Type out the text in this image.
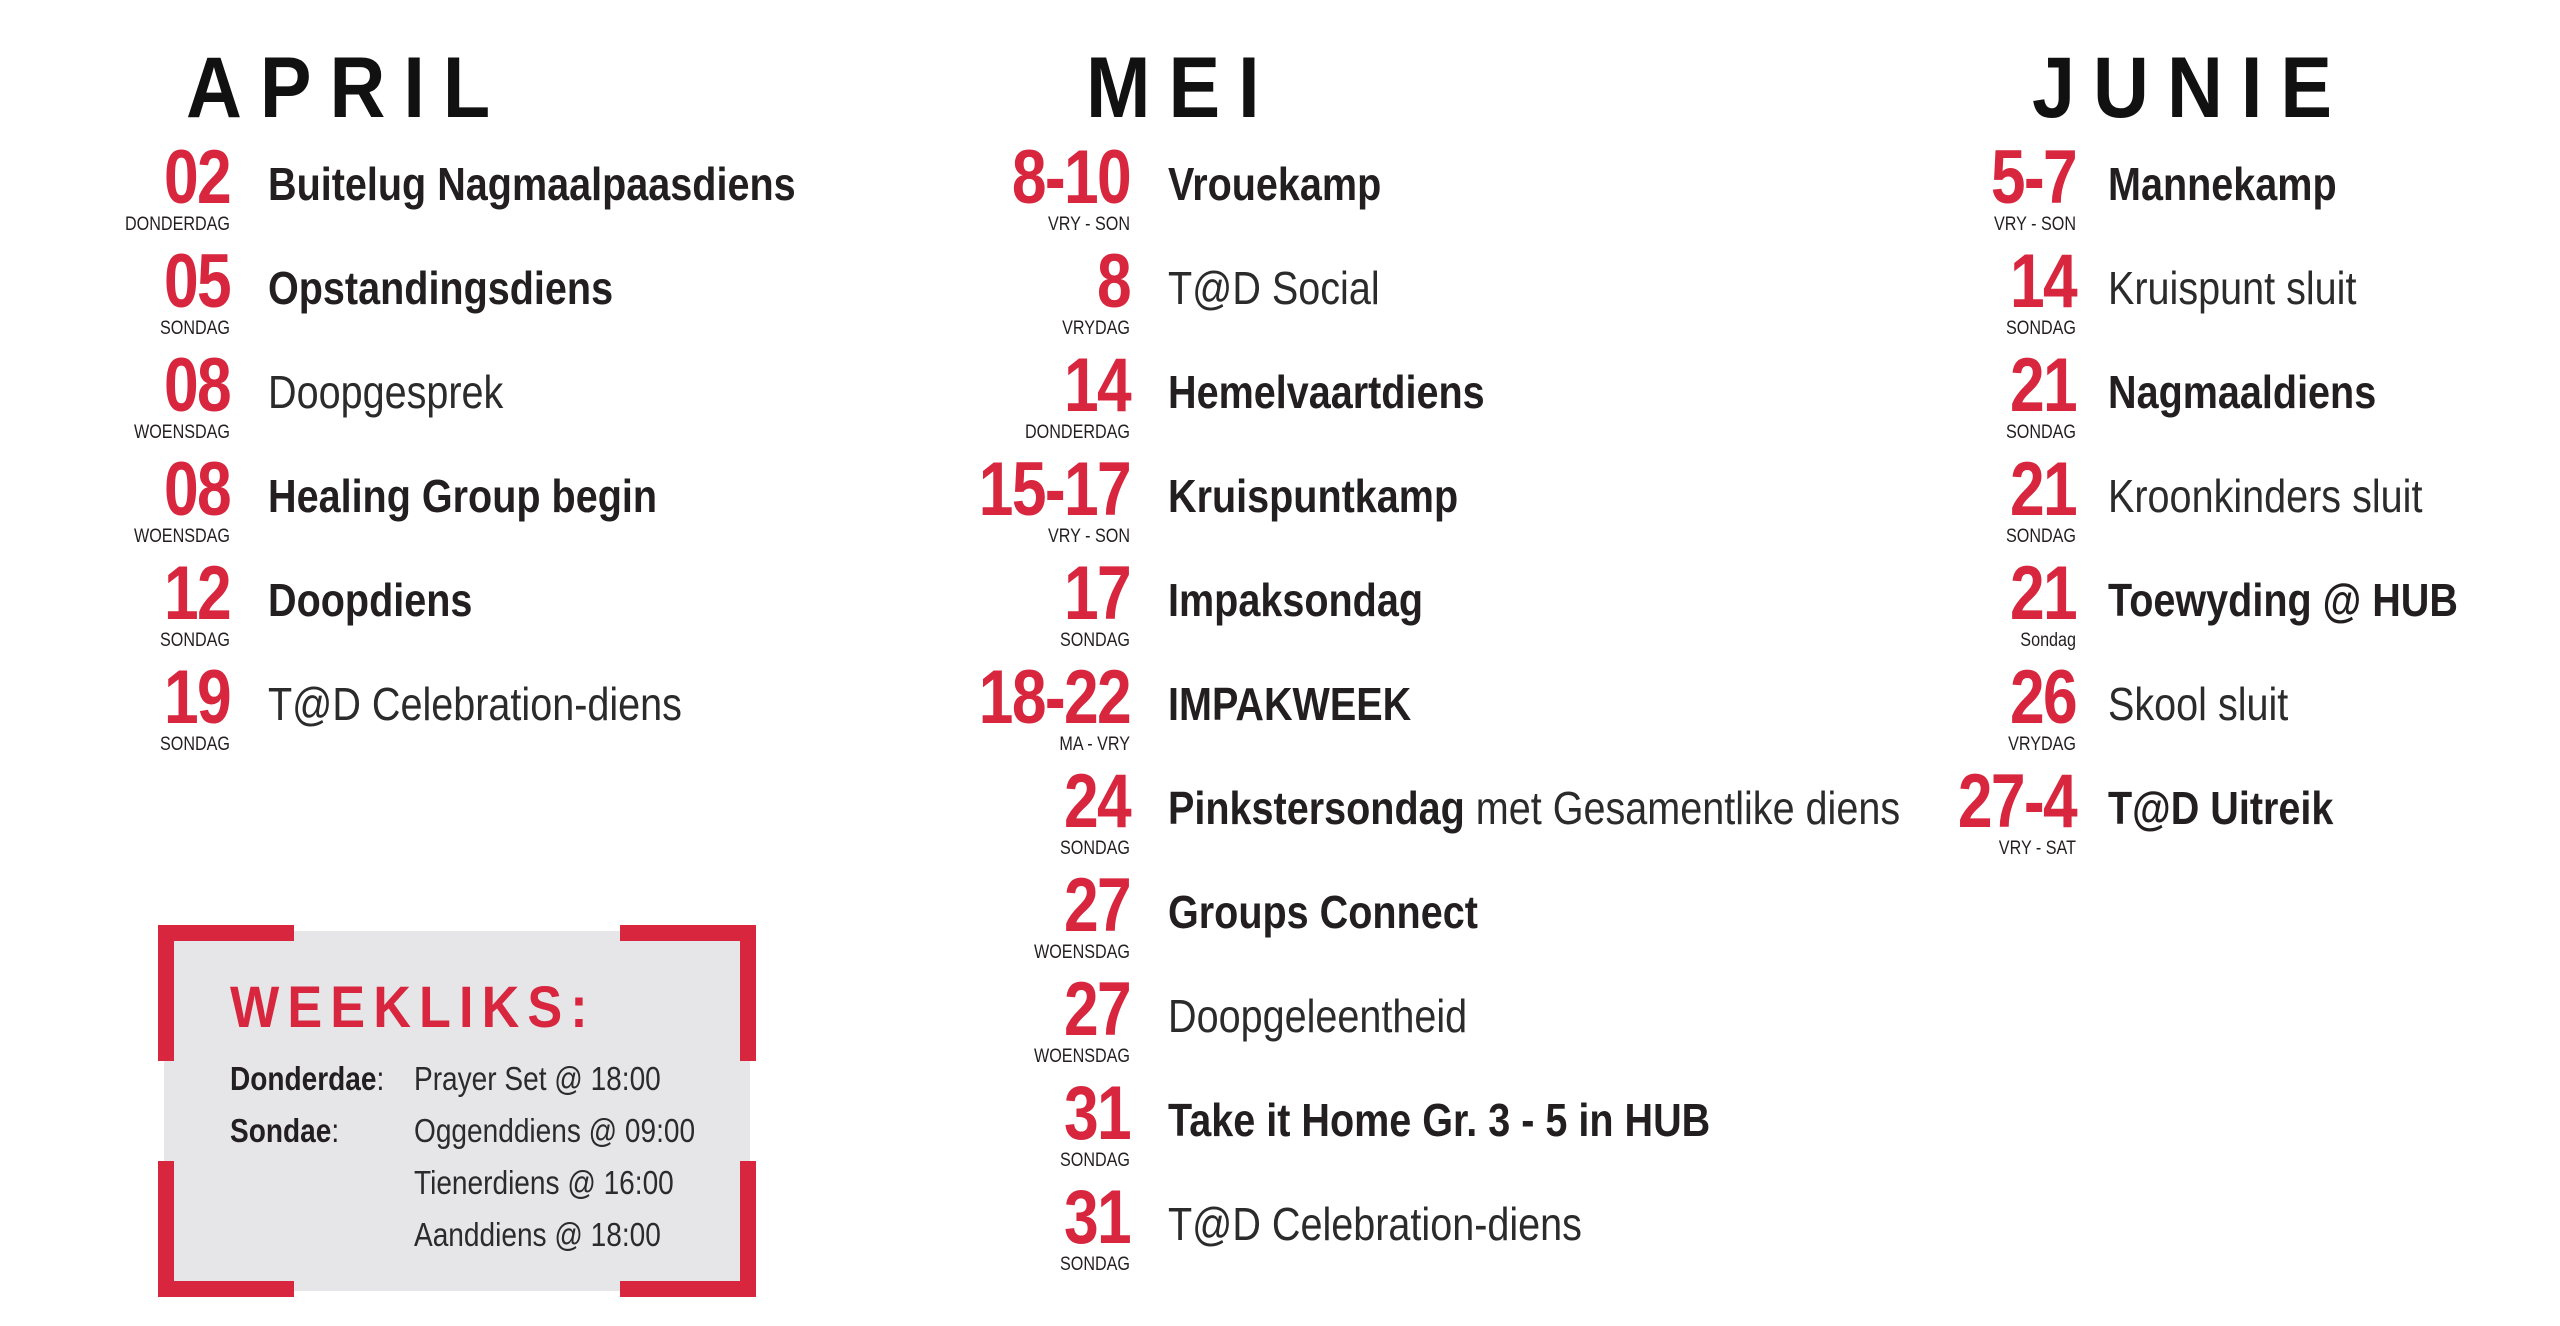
APRIL	MEI	JUNIE
02
DONDERDAG
Buitelug Nagmaalpaasdiens
05
SONDAG
Opstandingsdiens
08
WOENSDAG
Doopgesprek
08
WOENSDAG
Healing Group begin
12
SONDAG
Doopdiens
19
SONDAG
T@D Celebration-diens
8-10
VRY - SON
Vrouekamp
8
VRYDAG
T@D Social
14
DONDERDAG
Hemelvaartdiens
15-17
VRY - SON
Kruispuntkamp
17
SONDAG
Impaksondag
18-22
MA - VRY
IMPAKWEEK
24
SONDAG
Pinkstersondag met Gesamentlike diens
27
WOENSDAG
Groups Connect
27
WOENSDAG
Doopgeleentheid
31
SONDAG
Take it Home Gr. 3 - 5 in HUB
31
SONDAG
T@D Celebration-diens
5-7
VRY - SON
Mannekamp
14
SONDAG
Kruispunt sluit
21
SONDAG
Nagmaaldiens
21
SONDAG
Kroonkinders sluit
21
Sondag
Toewyding @ HUB
26
VRYDAG
Skool sluit
27-4
VRY - SAT
T@D Uitreik
WEEKLIKS:
Donderdae: Prayer Set @ 18:00
Sondae: Oggenddiens @ 09:00
Tienerdiens @ 16:00
Aanddiens @ 18:00
